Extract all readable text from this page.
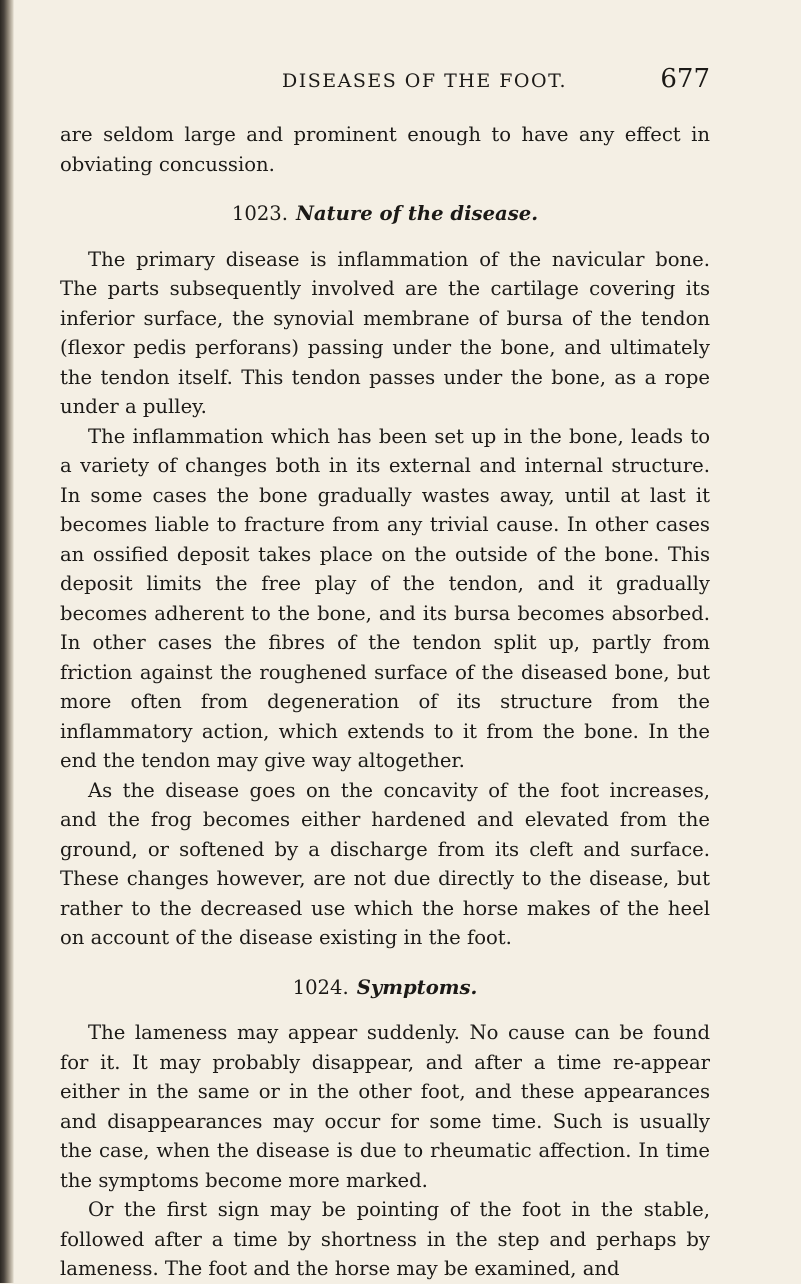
DISEASES OF THE FOOT.	677

are seldom large and prominent enough to have any effect in obviating concussion.

1023. Nature of the disease.

The primary disease is inflammation of the navicular bone. The parts subsequently involved are the cartilage covering its inferior surface, the synovial membrane of bursa of the tendon (flexor pedis perforans) passing under the bone, and ultimately the tendon itself. This tendon passes under the bone, as a rope under a pulley.

The inflammation which has been set up in the bone, leads to a variety of changes both in its external and internal structure. In some cases the bone gradually wastes away, until at last it becomes liable to fracture from any trivial cause. In other cases an ossified deposit takes place on the outside of the bone. This deposit limits the free play of the tendon, and it gradually becomes adherent to the bone, and its bursa becomes absorbed. In other cases the fibres of the tendon split up, partly from friction against the roughened surface of the diseased bone, but more often from degeneration of its structure from the inflammatory action, which extends to it from the bone. In the end the tendon may give way altogether.

As the disease goes on the concavity of the foot increases, and the frog becomes either hardened and elevated from the ground, or softened by a discharge from its cleft and surface. These changes however, are not due directly to the disease, but rather to the decreased use which the horse makes of the heel on account of the disease existing in the foot.

1024. Symptoms.

The lameness may appear suddenly. No cause can be found for it. It may probably disappear, and after a time re-appear either in the same or in the other foot, and these appearances and disappearances may occur for some time. Such is usually the case, when the disease is due to rheumatic affection. In time the symptoms become more marked.

Or the first sign may be pointing of the foot in the stable, followed after a time by shortness in the step and perhaps by lameness. The foot and the horse may be examined, and
